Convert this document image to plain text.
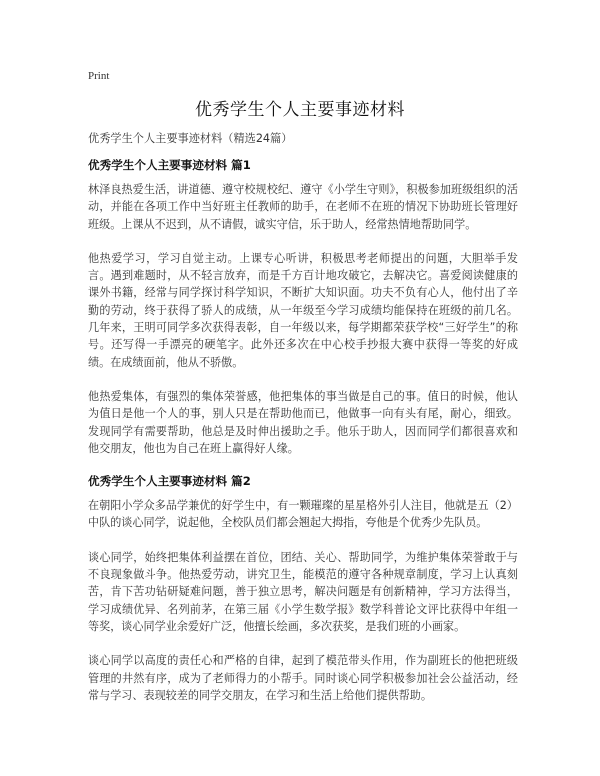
Print
优秀学生个人主要事迹材料

优秀学生个人主要事迹材料（精选24篇）

优秀学生个人主要事迹材料 篇1

林泽良热爱生活，讲道德、遵守校规校纪、遵守《小学生守则》，积极参加班级组织的活动，并能在各项工作中当好班主任教师的助手，在老师不在班的情况下协助班长管理好班级。上课从不迟到，从不请假，诚实守信，乐于助人，经常热情地帮助同学。

他热爱学习，学习自觉主动。上课专心听讲，积极思考老师提出的问题，大胆举手发言。遇到难题时，从不轻言放弃，而是千方百计地攻破它，去解决它。喜爱阅读健康的课外书籍，经常与同学探讨科学知识，不断扩大知识面。功夫不负有心人，他付出了辛勤的劳动，终于获得了骄人的成绩，从一年级至今学习成绩均能保持在班级的前几名。几年来，王明可同学多次获得表彰，自一年级以来，每学期都荣获学校“三好学生”的称号。还写得一手漂亮的硬笔字。此外还多次在中心校手抄报大赛中获得一等奖的好成绩。在成绩面前，他从不骄傲。

他热爱集体，有强烈的集体荣誉感，他把集体的事当做是自己的事。值日的时候，他认为值日是他一个人的事，别人只是在帮助他而已，他做事一向有头有尾，耐心，细致。发现同学有需要帮助，他总是及时伸出援助之手。他乐于助人，因而同学们都很喜欢和他交朋友，他也为自己在班上赢得好人缘。

优秀学生个人主要事迹材料 篇2

在朝阳小学众多品学兼优的好学生中，有一颗璀璨的星星格外引人注目，他就是五（2）中队的谈心同学，说起他，全校队员们都会翘起大拇指，夸他是个优秀少先队员。

谈心同学，始终把集体利益摆在首位，团结、关心、帮助同学，为维护集体荣誉敢于与不良现象做斗争。他热爱劳动，讲究卫生，能模范的遵守各种规章制度，学习上认真刻苦，肯下苦功钻研疑难问题，善于独立思考，解决问题是有创新精神，学习方法得当，学习成绩优异、名列前茅，在第三届《小学生数学报》数学科普论文评比获得中年组一等奖，谈心同学业余爱好广泛，他擅长绘画，多次获奖，是我们班的小画家。

谈心同学以高度的责任心和严格的自律，起到了模范带头作用，作为副班长的他把班级管理的井然有序，成为了老师得力的小帮手。同时谈心同学积极参加社会公益活动，经常与学习、表现较差的同学交朋友，在学习和生活上给他们提供帮助。
